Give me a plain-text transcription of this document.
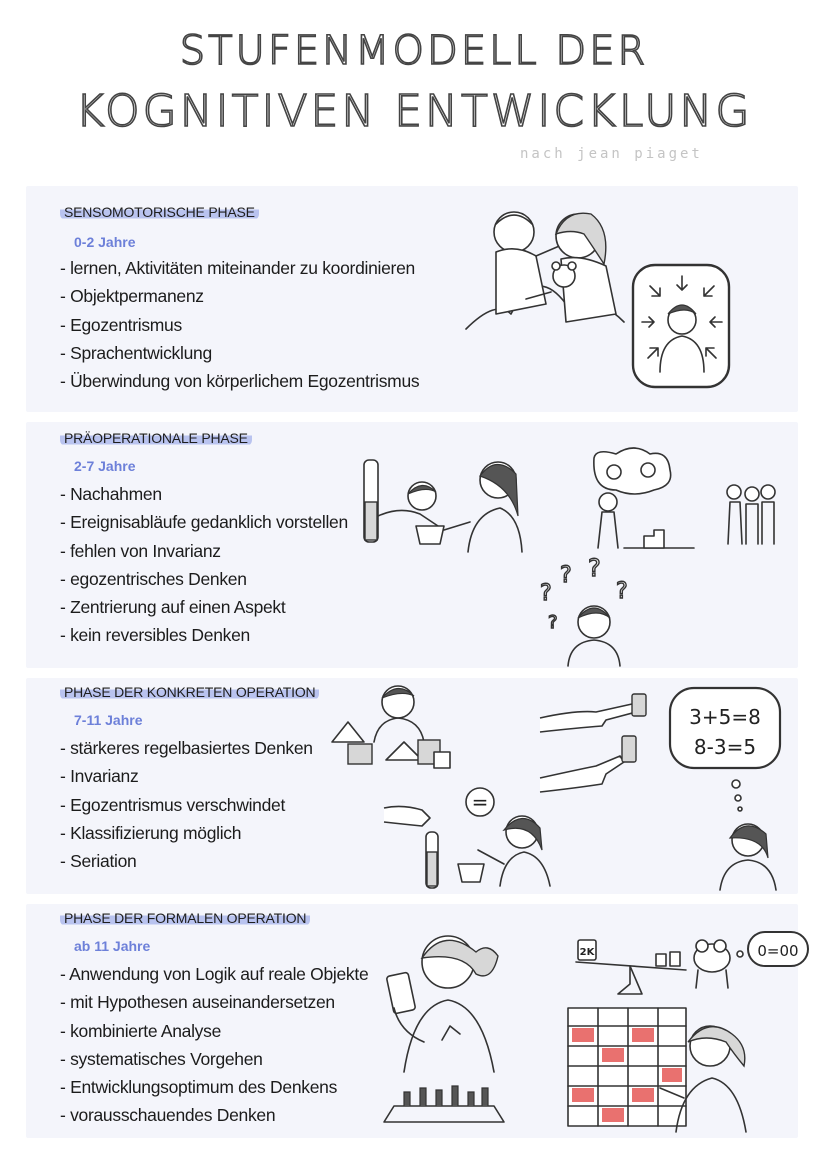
STUFENMODELL DER
KOGNITIVEN ENTWICKLUNG
nach jean piaget
SENSOMOTORISCHE PHASE
0-2 Jahre
- lernen, Aktivitäten miteinander zu koordinieren
- Objektpermanenz
- Egozentrismus
- Sprachentwicklung
- Überwindung von körperlichem Egozentrismus
PRÄOPERATIONALE PHASE
2-7 Jahre
- Nachahmen
- Ereignisabläufe gedanklich vorstellen
- fehlen von Invarianz
- egozentrisches Denken
- Zentrierung auf einen Aspekt
- kein reversibles Denken
?
? ?
?
?
PHASE DER KONKRETEN OPERATION
7-11 Jahre
- stärkeres regelbasiertes Denken
- Invarianz
- Egozentrismus verschwindet
- Klassifizierung möglich
- Seriation
3+5=8
8-3=5
=
PHASE DER FORMALEN OPERATION
ab 11 Jahre
- Anwendung von Logik auf reale Objekte
- mit Hypothesen auseinandersetzen
- kombinierte Analyse
- systematisches Vorgehen
- Entwicklungsoptimum des Denkens
- vorausschauendes Denken
2K	0=00
